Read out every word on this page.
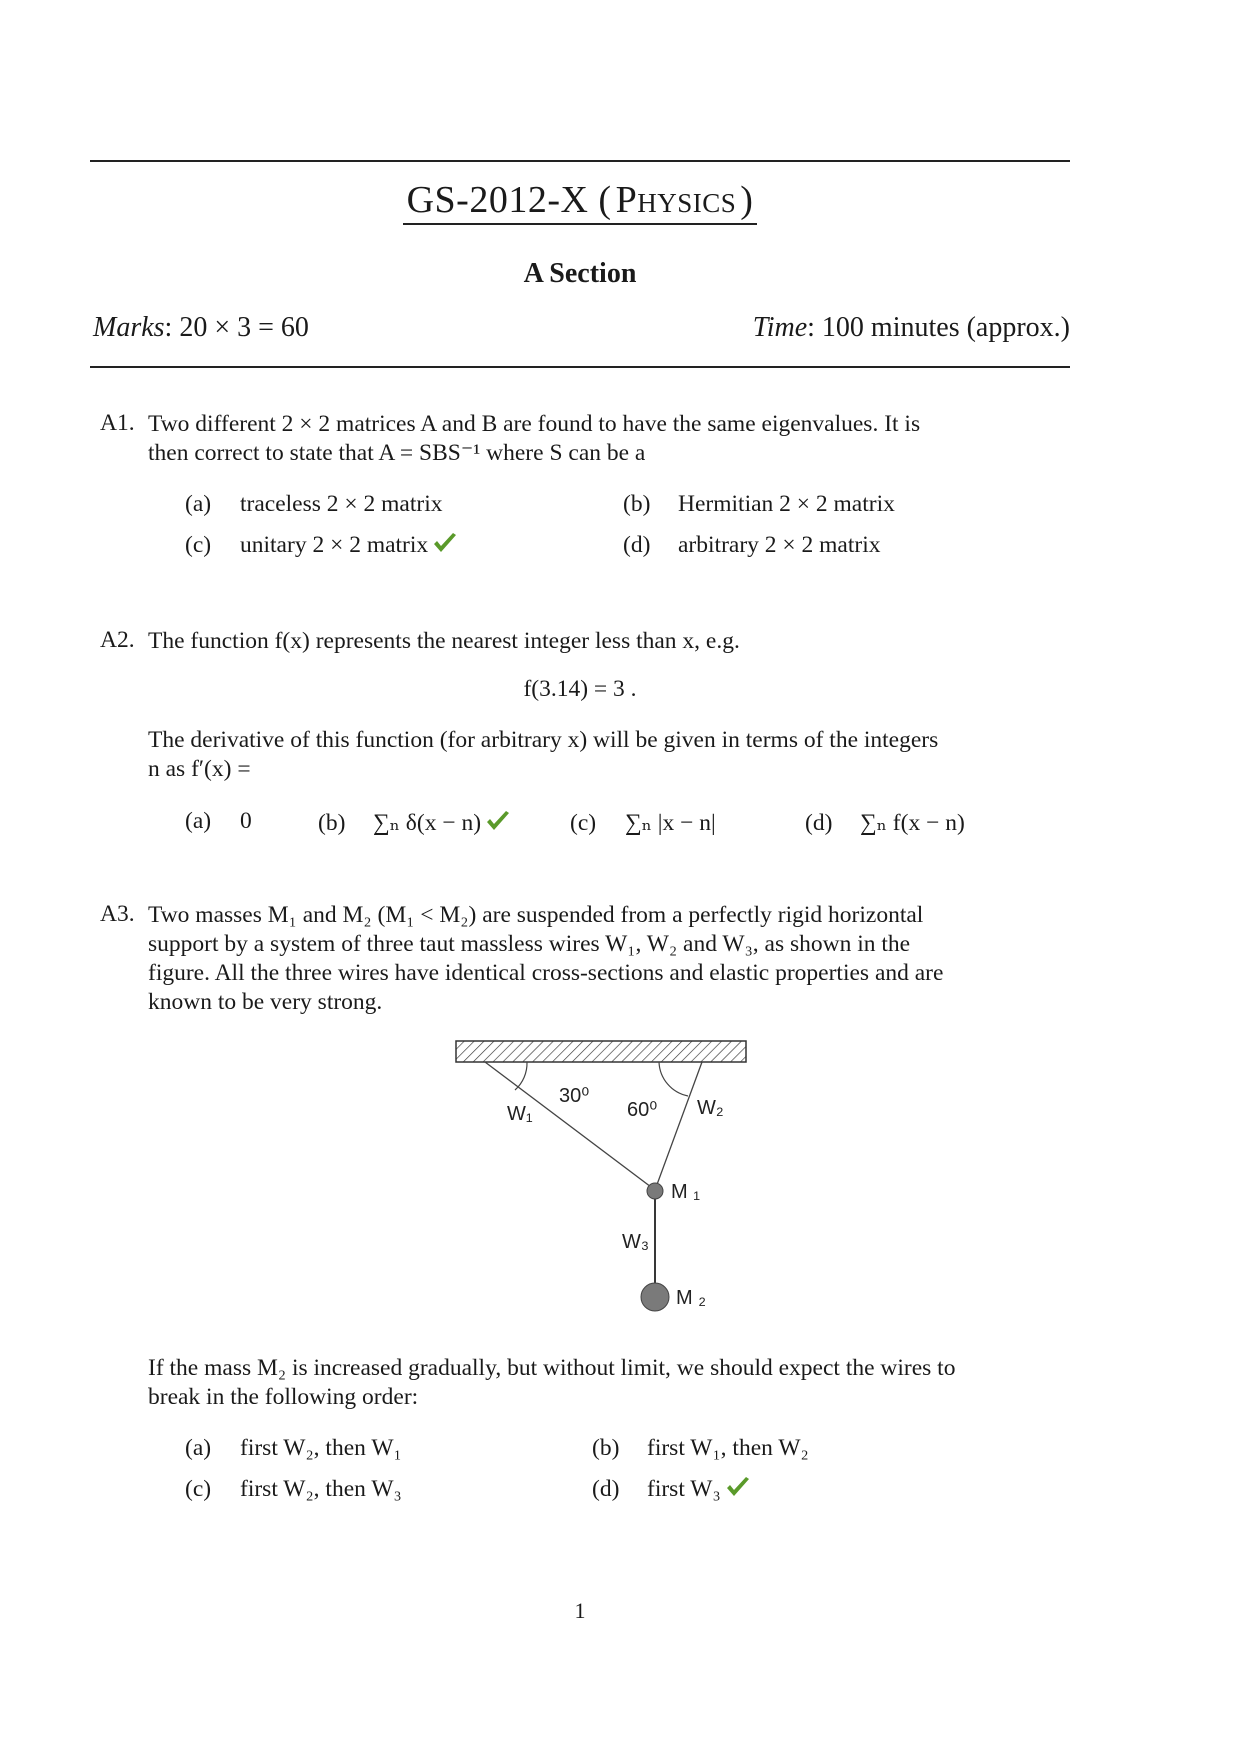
GS-2012-X ( Physics )
A Section
Marks: 20 × 3 = 60	Time: 100 minutes (approx.)
A1. Two different 2 × 2 matrices A and B are found to have the same eigenvalues. It is
then correct to state that A = SBS⁻¹ where S can be a
(a) traceless 2 × 2 matrix	(b) Hermitian 2 × 2 matrix
(c) unitary 2 × 2 matrix	(d) arbitrary 2 × 2 matrix
A2. The function f(x) represents the nearest integer less than x, e.g.
f(3.14) = 3 .
The derivative of this function (for arbitrary x) will be given in terms of the integers
n as f′(x) =
(a) 0	(b) ∑ₙ δ(x − n)	(c) ∑ₙ |x − n|	(d) ∑ₙ f(x − n)
A3. Two masses M₁ and M₂ (M₁ < M₂) are suspended from a perfectly rigid horizontal
support by a system of three taut massless wires W₁, W₂ and W₃, as shown in the
figure. All the three wires have identical cross-sections and elastic properties and are
known to be very strong.
30⁰
60⁰
W₁	W₂
W₃
M ₁
M ₂
If the mass M₂ is increased gradually, but without limit, we should expect the wires to
break in the following order:
(a) first W₂, then W₁	(b) first W₁, then W₂
(c) first W₂, then W₃	(d) first W₃
1
